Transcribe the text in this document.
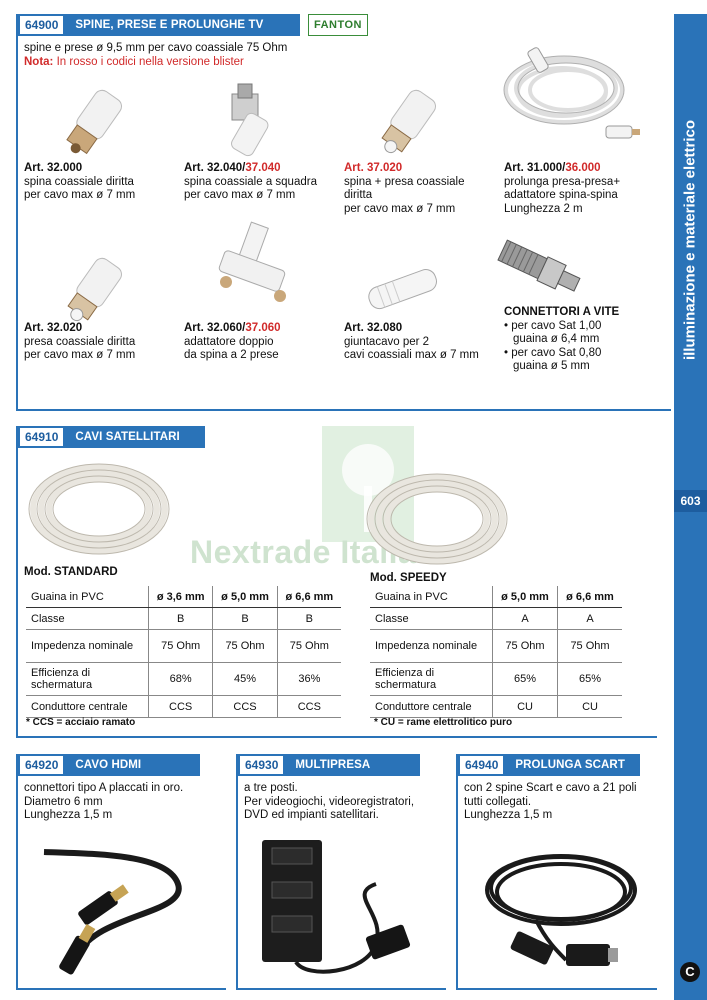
illuminazione e materiale elettrico
603
C
64900	SPINE, PRESE E PROLUNGHE TV	FANTON
spine e prese ø 9,5 mm per cavo coassiale 75 Ohm
Nota: In rosso i codici nella versione blister
Art. 32.000
spina coassiale diritta
per cavo max ø 7 mm
Art. 32.040/37.040
spina coassiale a squadra
per cavo max ø 7 mm
Art. 37.020
spina + presa coassiale
diritta
per cavo max ø 7 mm
Art. 31.000/36.000
prolunga presa-presa+
adattatore spina-spina
Lunghezza 2 m
Art. 32.020
presa coassiale diritta
per cavo max ø 7 mm
Art. 32.060/37.060
adattatore doppio
da spina a 2 prese
Art. 32.080
giuntacavo per 2
cavi coassiali max ø 7 mm
CONNETTORI A VITE
• per cavo Sat 1,00
guaina ø 6,4 mm
• per cavo Sat 0,80
guaina ø 5 mm
64910	CAVI SATELLITARI
Nextrade Italia
Mod. STANDARD	Mod. SPEEDY
Guaina in PVC	ø 3,6 mm	ø 5,0 mm	ø 6,6 mm
Classe	B	B	B
Impedenza nominale	75 Ohm	75 Ohm	75 Ohm
Efficienza di schermatura	68%	45%	36%
Conduttore centrale	CCS	CCS	CCS
* CCS = acciaio ramato
Guaina in PVC	ø 5,0 mm	ø 6,6 mm
Classe	A	A
Impedenza nominale	75 Ohm	75 Ohm
Efficienza di schermatura	65%	65%
Conduttore centrale	CU	CU
* CU = rame elettrolitico puro
64920	CAVO HDMI
connettori tipo A placcati in oro.
Diametro 6 mm
Lunghezza 1,5 m
64930	MULTIPRESA SCART
a tre posti.
Per videogiochi, videoregistratori,
DVD ed impianti satellitari.
64940	PROLUNGA SCART
con 2 spine Scart e cavo a 21 poli
tutti collegati.
Lunghezza 1,5 m
